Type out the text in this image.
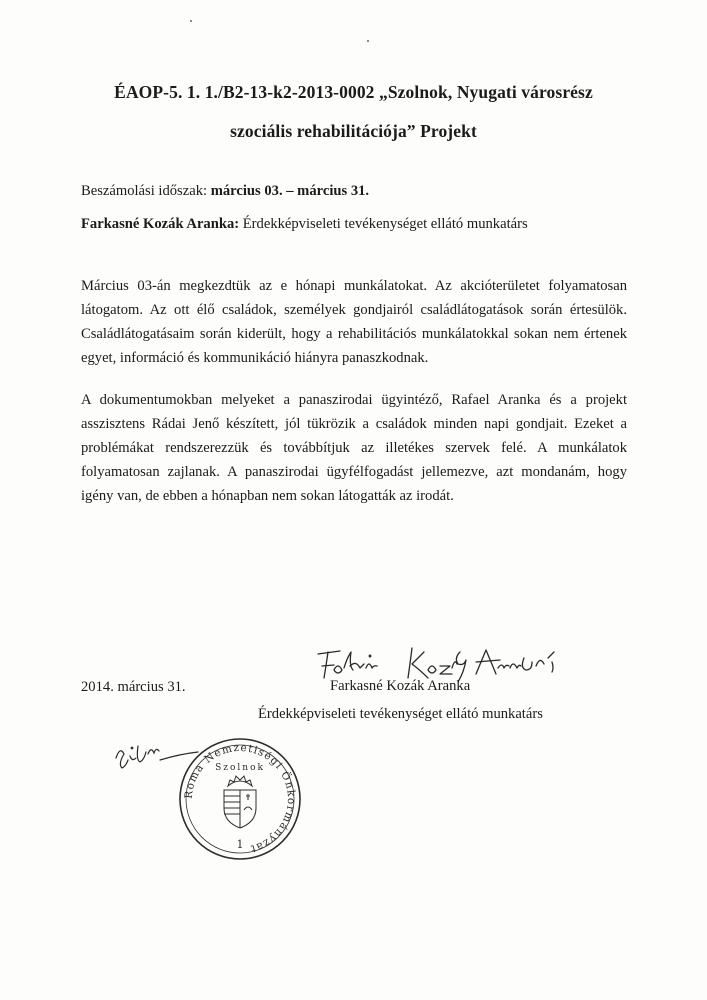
ÉAOP-5. 1. 1./B2-13-k2-2013-0002 „Szolnok, Nyugati városrész
szociális rehabilitációja” Projekt
Beszámolási időszak: március 03. – március 31.
Farkasné Kozák Aranka: Érdekképviseleti tevékenységet ellátó munkatárs

Március 03-án megkezdtük az e hónapi munkálatokat. Az akcióterületet folyamatosan látogatom. Az ott élő családok, személyek gondjairól családlátogatások során értesülök. Családlátogatásaim során kiderült, hogy a rehabilitációs munkálatokkal sokan nem értenek egyet, információ és kommunikáció hiányra panaszkodnak.

A dokumentumokban melyeket a panaszirodai ügyintéző, Rafael Aranka és a projekt asszisztens Rádai Jenő készített, jól tükrözik a családok minden napi gondjait. Ezeket a problémákat rendszerezzük és továbbítjuk az illetékes szervek felé. A munkálatok folyamatosan zajlanak. A panaszirodai ügyfélfogadást jellemezve, azt mondanám, hogy igény van, de ebben a hónapban nem sokan látogatták az irodát.

2014. március 31.	Farkasné Kozák Aranka
Érdekképviseleti tevékenységet ellátó munkatárs
Roma Nemzetiségi Önkormányzat
Szolnok
1
